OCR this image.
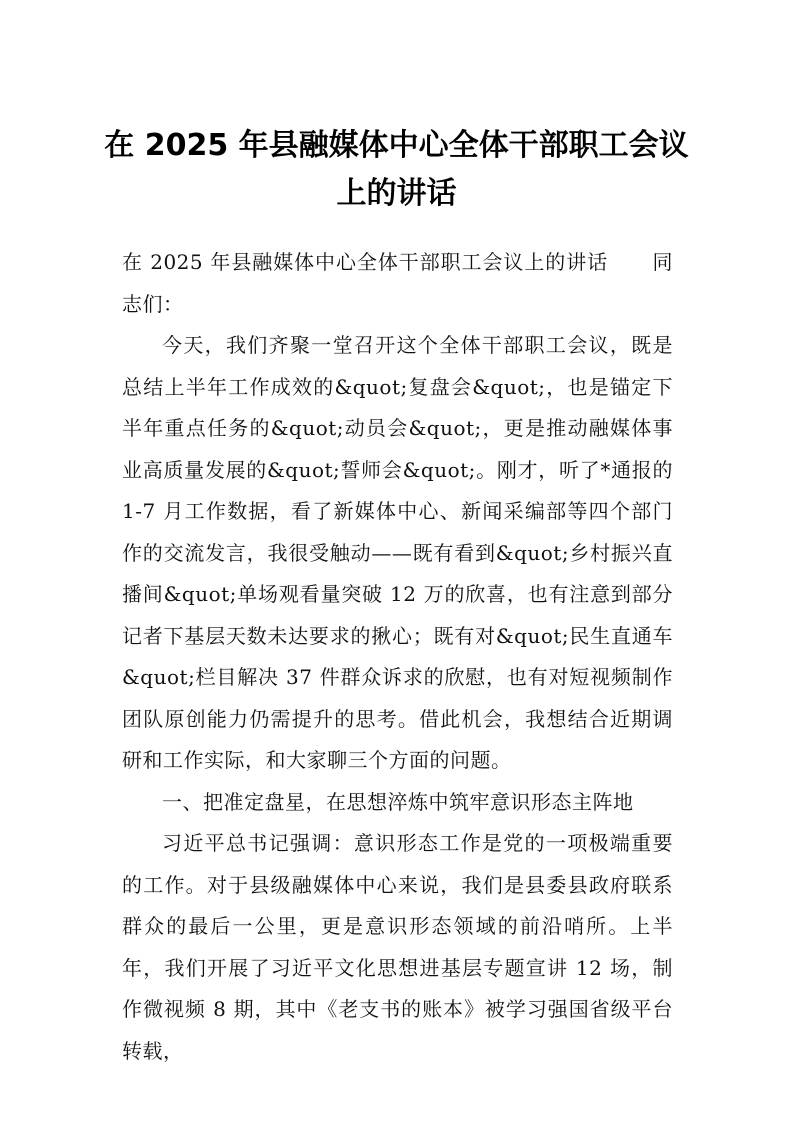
在 2025 年县融媒体中心全体干部职工会议上的讲话

在 2025 年县融媒体中心全体干部职工会议上的讲话 同志们：

今天，我们齐聚一堂召开这个全体干部职工会议，既是总结上半年工作成效的&quot;复盘会&quot;，也是锚定下半年重点任务的&quot;动员会&quot;，更是推动融媒体事业高质量发展的&quot;誓师会&quot;。刚才，听了*通报的 1-7 月工作数据，看了新媒体中心、新闻采编部等四个部门作的交流发言，我很受触动——既有看到&quot;乡村振兴直播间&quot;单场观看量突破 12 万的欣喜，也有注意到部分记者下基层天数未达要求的揪心；既有对&quot;民生直通车&quot;栏目解决 37 件群众诉求的欣慰，也有对短视频制作团队原创能力仍需提升的思考。借此机会，我想结合近期调研和工作实际，和大家聊三个方面的问题。

一、把准定盘星，在思想淬炼中筑牢意识形态主阵地

习近平总书记强调：意识形态工作是党的一项极端重要的工作。对于县级融媒体中心来说，我们是县委县政府联系群众的最后一公里，更是意识形态领域的前沿哨所。上半年，我们开展了习近平文化思想进基层专题宣讲 12 场，制作微视频 8 期，其中《老支书的账本》被学习强国省级平台转载，
